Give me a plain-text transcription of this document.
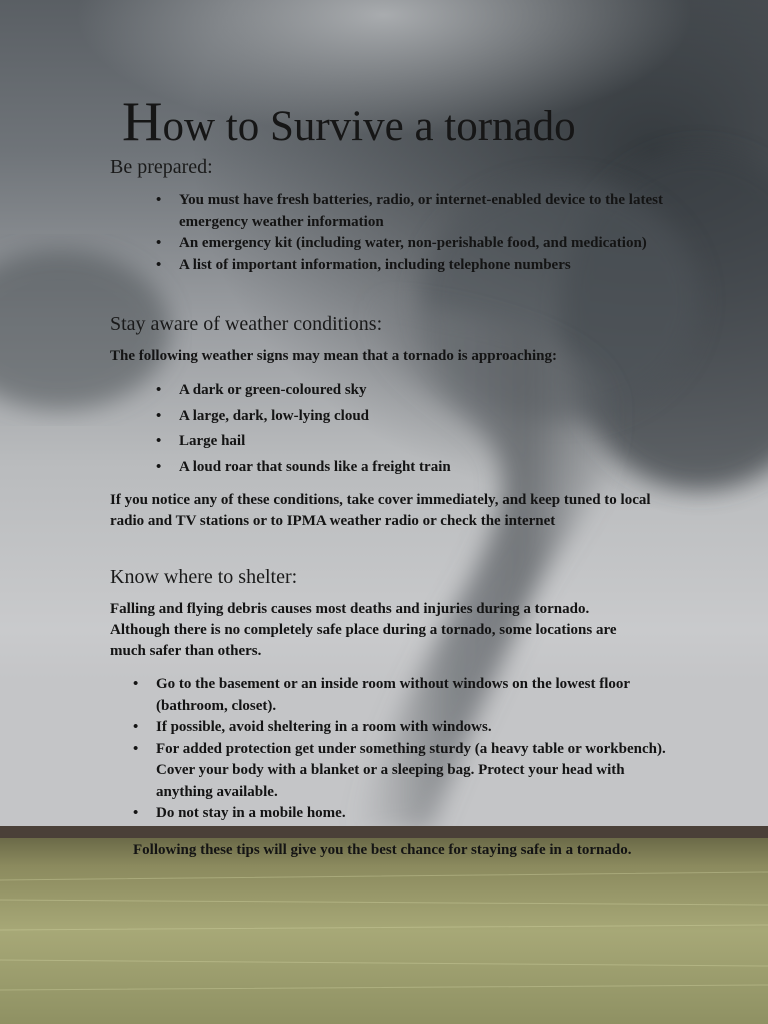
How to Survive a tornado
Be prepared:
• You must have fresh batteries, radio, or internet-enabled device to the latest emergency weather information
• An emergency kit (including water, non-perishable food, and medication)
• A list of important information, including telephone numbers
Stay aware of weather conditions:

The following weather signs may mean that a tornado is approaching:

• A dark or green-coloured sky
• A large, dark, low-lying cloud
• Large hail
• A loud roar that sounds like a freight train

If you notice any of these conditions, take cover immediately, and keep tuned to local radio and TV stations or to IPMA weather radio or check the internet

Know where to shelter:

Falling and flying debris causes most deaths and injuries during a tornado. Although there is no completely safe place during a tornado, some locations are much safer than others.

• Go to the basement or an inside room without windows on the lowest floor (bathroom, closet).
• If possible, avoid sheltering in a room with windows.
• For added protection get under something sturdy (a heavy table or workbench). Cover your body with a blanket or a sleeping bag. Protect your head with anything available.
• Do not stay in a mobile home.

Following these tips will give you the best chance for staying safe in a tornado.
